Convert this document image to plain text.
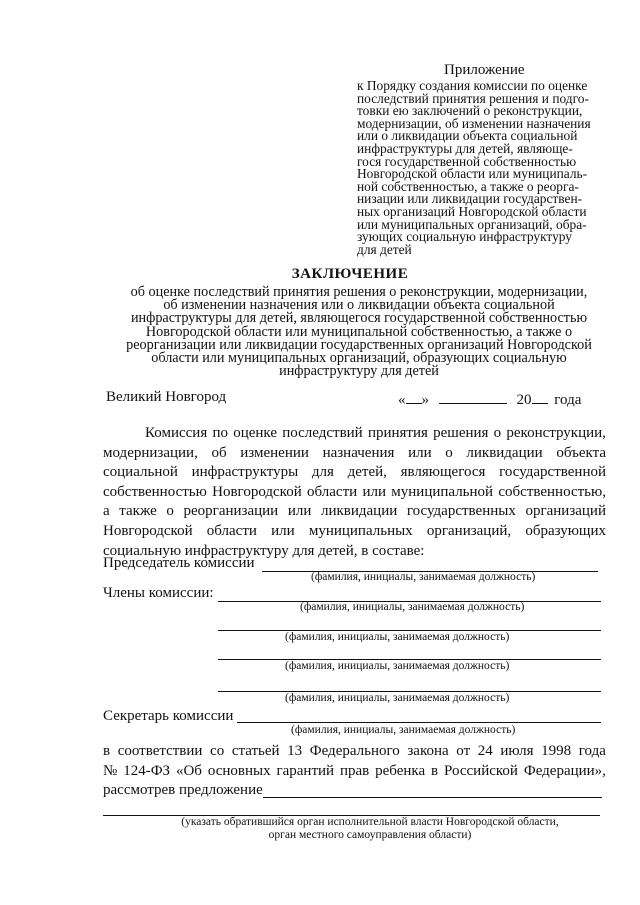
Приложение
к Порядку создания комиссии по оценке
последствий принятия решения и подго-
товки ею заключений о реконструкции,
модернизации, об изменении назначения
или о ликвидации объекта социальной
инфраструктуры для детей, являюще-
гося государственной собственностью
Новгородской области или муниципаль-
ной собственностью, а также о реорга-
низации или ликвидации государствен-
ных организаций Новгородской области
или муниципальных организаций, обра-
зующих социальную инфраструктуру
для детей
ЗАКЛЮЧЕНИЕ
об оценке последствий принятия решения о реконструкции, модернизации,
об изменении назначения или о ликвидации объекта социальной
инфраструктуры для детей, являющегося государственной собственностью
Новгородской области или муниципальной собственностью, а также о
реорганизации или ликвидации государственных организаций Новгородской
области или муниципальных организаций, образующих социальную
инфраструктуру для детей
Великий Новгород	« »	20 года
Комиссия по оценке последствий принятия решения о реконструкции,
модернизации, об изменении назначения или о ликвидации объекта
социальной инфраструктуры для детей, являющегося государственной
собственностью Новгородской области или муниципальной собственностью,
а также о реорганизации или ликвидации государственных организаций
Новгородской области или муниципальных организаций, образующих
социальную инфраструктуру для детей, в составе:
Председатель комиссии
(фамилия, инициалы, занимаемая должность)
Члены комиссии:
(фамилия, инициалы, занимаемая должность)
(фамилия, инициалы, занимаемая должность)
(фамилия, инициалы, занимаемая должность)
(фамилия, инициалы, занимаемая должность)
Секретарь комиссии
(фамилия, инициалы, занимаемая должность)
в соответствии со статьей 13 Федерального закона от 24 июля 1998 года
№ 124-ФЗ «Об основных гарантий прав ребенка в Российской Федерации»,
рассмотрев предложение
(указать обратившийся орган исполнительной власти Новгородской области,
орган местного самоуправления области)
